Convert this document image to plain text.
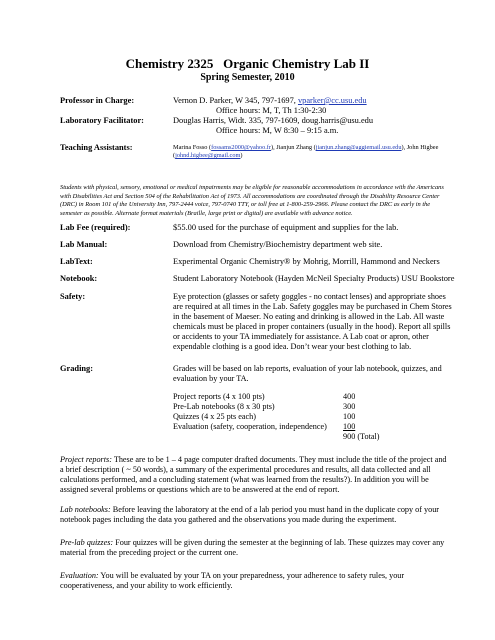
Chemistry 2325   Organic Chemistry Lab II
Spring Semester, 2010
Professor in Charge:	Vernon D. Parker, W 345, 797-1697, vparker@cc.usu.edu
Office hours: M, T, Th 1:30-2:30
Laboratory Facilitator:	Douglas Harris, Widt. 335, 797-1609, doug.harris@usu.edu
Office hours: M, W 8:30 – 9:15 a.m.
Teaching Assistants:	Marina Fosso (fossams2000@yahoo.fr), Jianjun Zhang (jianjun.zhang@aggiemail.usu.edu), John Higbee
(johnd.higbee@gmail.com)
Students with physical, sensory, emotional or medical impairments may be eligible for reasonable accommodations in accordance with the Americans with Disabilities Act and Section 504 of the Rehabilitation Act of 1973. All accommodations are coordinated through the Disability Resource Center (DRC) in Room 101 of the University Inn, 797-2444 voice, 797-0740 TTY, or toll free at 1-800-259-2966. Please contact the DRC as early in the semester as possible. Alternate format materials (Braille, large print or digital) are available with advance notice.
Lab Fee (required):	$55.00 used for the purchase of equipment and supplies for the lab.
Lab Manual:	Download from Chemistry/Biochemistry department web site.
LabText:	Experimental Organic Chemistry® by Mohrig, Morrill, Hammond and Neckers
Notebook:	Student Laboratory Notebook (Hayden McNeil Specialty Products) USU Bookstore
Safety:	Eye protection (glasses or safety goggles - no contact lenses) and appropriate shoes are required at all times in the Lab. Safety goggles may be purchased in Chem Stores in the basement of Maeser. No eating and drinking is allowed in the Lab. All waste chemicals must be placed in proper containers (usually in the hood). Report all spills or accidents to your TA immediately for assistance. A Lab coat or apron, other expendable clothing is a good idea. Don’t wear your best clothing to lab.
Grading:	Grades will be based on lab reports, evaluation of your lab notebook, quizzes, and evaluation by your TA.
Project reports (4 x 100 pts)	400
Pre-Lab notebooks (8 x 30 pts)	300
Quizzes (4 x 25 pts each)	100
Evaluation (safety, cooperation, independence)	100
	900 (Total)
Project reports: These are to be 1 – 4 page computer drafted documents. They must include the title of the project and a brief description ( ~ 50 words), a summary of the experimental procedures and results, all data collected and all calculations performed, and a concluding statement (what was learned from the results?). In addition you will be assigned several problems or questions which are to be answered at the end of report.
Lab notebooks: Before leaving the laboratory at the end of a lab period you must hand in the duplicate copy of your notebook pages including the data you gathered and the observations you made during the experiment.
Pre-lab quizzes: Four quizzes will be given during the semester at the beginning of lab. These quizzes may cover any material from the preceding project or the current one.
Evaluation: You will be evaluated by your TA on your preparedness, your adherence to safety rules, your cooperativeness, and your ability to work efficiently.
